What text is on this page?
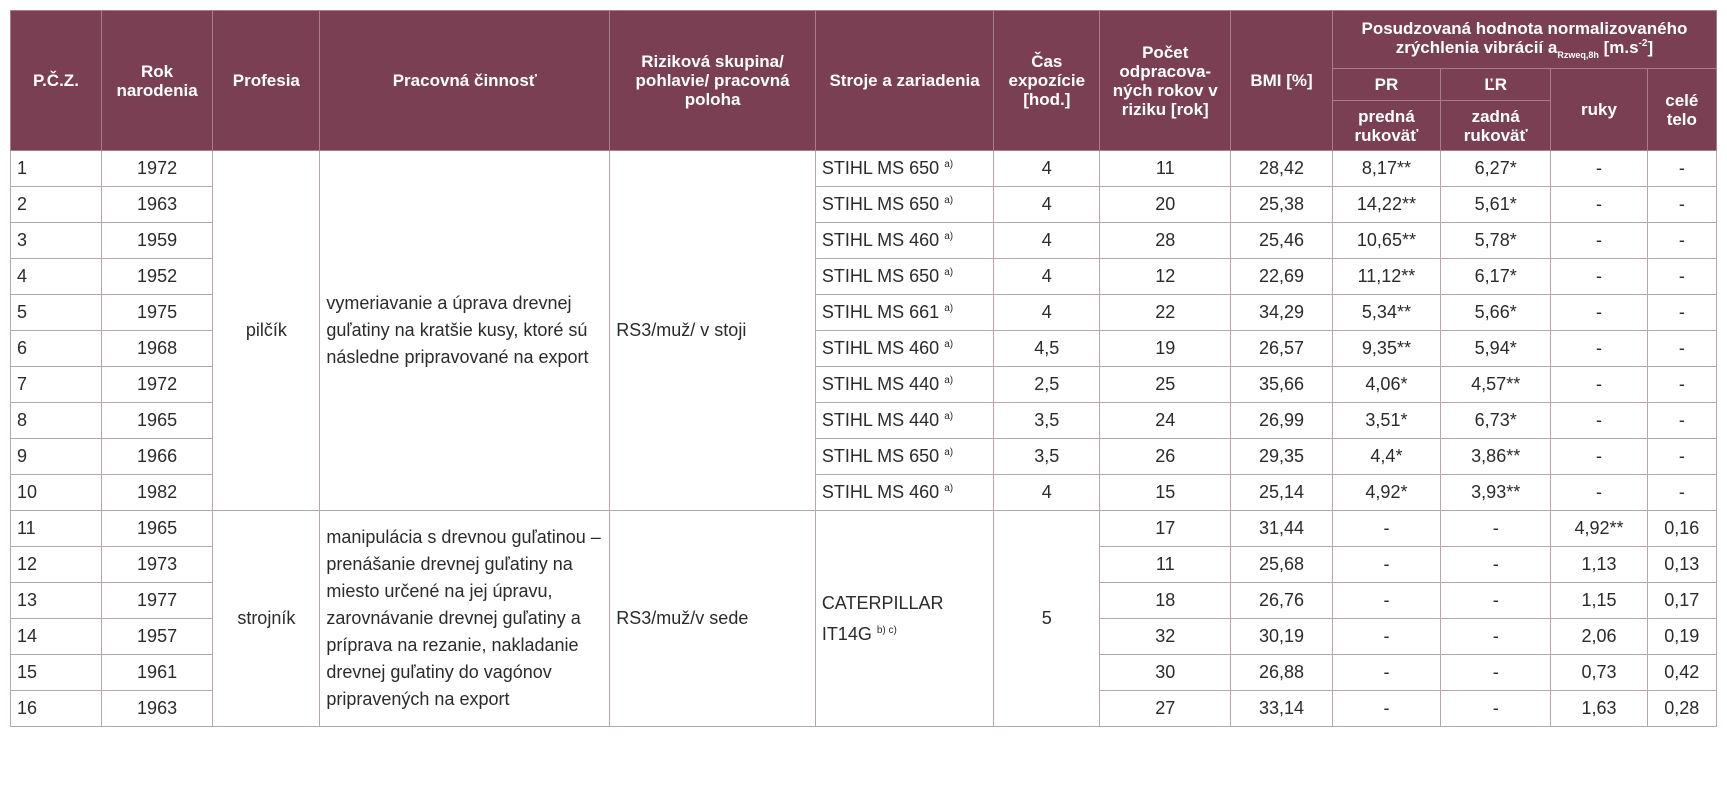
P.Č.Z.	Rok narodenia	Profesia	Pracovná činnosť	Riziková skupina/ pohlavie/ pracovná poloha	Stroje a zariadenia	Čas expozície [hod.]	Počet odpracova-ných rokov v riziku [rok]	BMI [%]	Posudzovaná hodnota normalizovaného zrýchlenia vibrácií $a_{Rzweq,8h}$ $[m.s^{-2}]$			
									PR	ĽR	ruky	celé telo
									predná rukoväť	zadná rukoväť		
1	1972	pilčík	vymeriavanie a úprava drevnej guľatiny na kratšie kusy, ktoré sú následne pripravované na export	RS3/muž/ v stoji	STIHL MS 650 $^{a)}$	4	11	28,42	8,17**	6,27*	-	-
2	1963				STIHL MS 650 $^{a)}$	4	20	25,38	14,22**	5,61*	-	-
3	1959				STIHL MS 460 $^{a)}$	4	28	25,46	10,65**	5,78*	-	-
4	1952				STIHL MS 650 $^{a)}$	4	12	22,69	11,12**	6,17*	-	-
5	1975				STIHL MS 661 $^{a)}$	4	22	34,29	5,34**	5,66*	-	-
6	1968				STIHL MS 460 $^{a)}$	4,5	19	26,57	9,35**	5,94*	-	-
7	1972				STIHL MS 440 $^{a)}$	2,5	25	35,66	4,06*	4,57**	-	-
8	1965				STIHL MS 440 $^{a)}$	3,5	24	26,99	3,51*	6,73*	-	-
9	1966				STIHL MS 650 $^{a)}$	3,5	26	29,35	4,4*	3,86**	-	-
10	1982				STIHL MS 460 $^{a)}$	4	15	25,14	4,92*	3,93**	-	-
11	1965	strojník	manipulácia s drevnou guľatinou – prenášanie drevnej guľatiny na miesto určené na jej úpravu, zarovnávanie drevnej guľatiny a príprava na rezanie, nakladanie drevnej guľatiny do vagónov pripravených na export	RS3/muž/v sede	CATERPILLAR IT14G $^{b) c)}$	5	17	31,44	-	-	4,92**	0,16
12	1973						11	25,68	-	-	1,13	0,13
13	1977						18	26,76	-	-	1,15	0,17
14	1957						32	30,19	-	-	2,06	0,19
15	1961						30	26,88	-	-	0,73	0,42
16	1963						27	33,14	-	-	1,63	0,28
